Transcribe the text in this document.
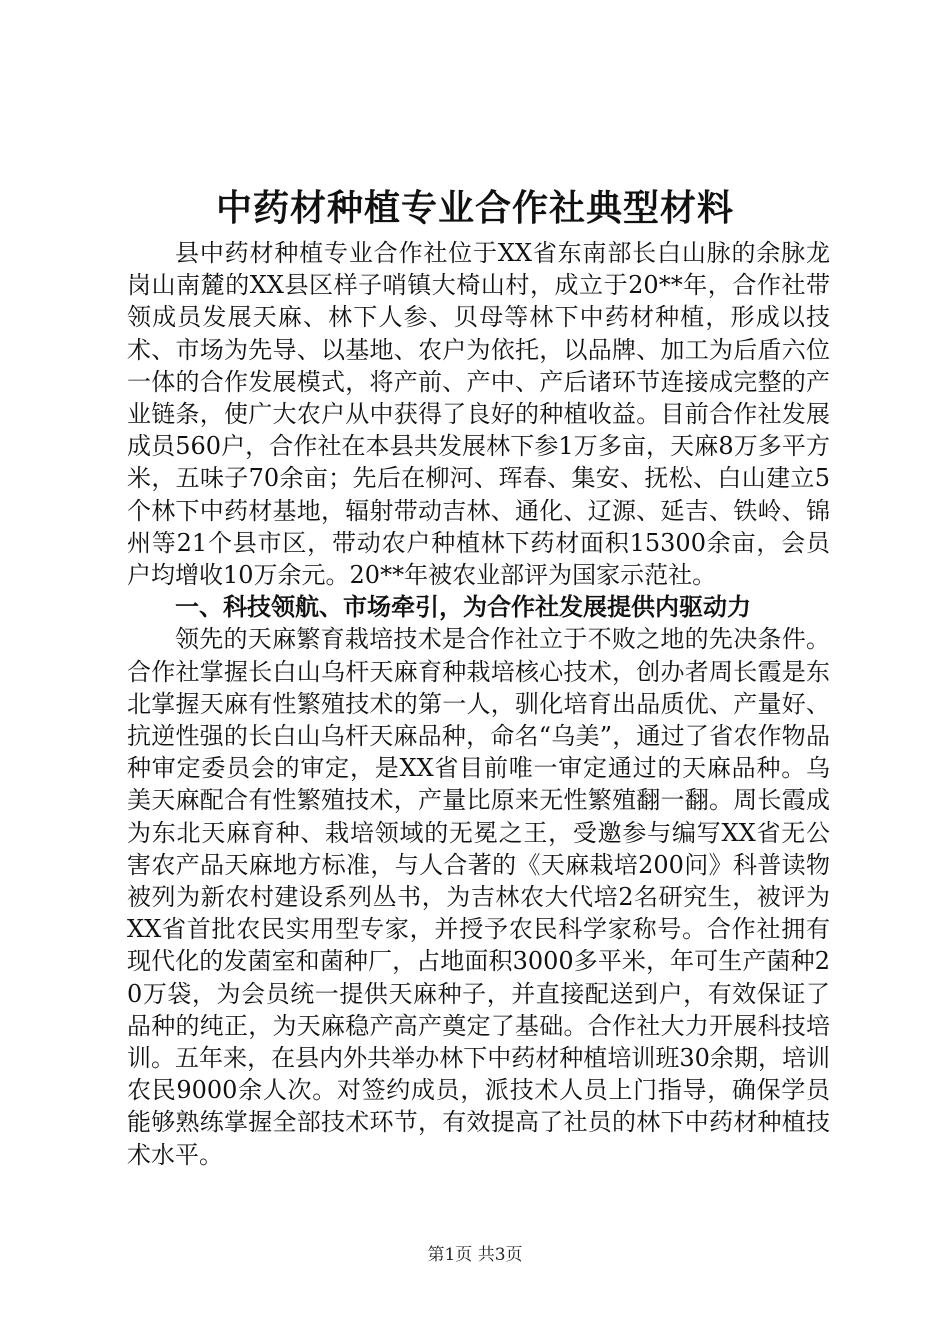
中药材种植专业合作社典型材料

县中药材种植专业合作社位于XX省东南部长白山脉的余脉龙岗山南麓的XX县区样子哨镇大椅山村，成立于20**年，合作社带领成员发展天麻、林下人参、贝母等林下中药材种植，形成以技术、市场为先导、以基地、农户为依托，以品牌、加工为后盾六位一体的合作发展模式，将产前、产中、产后诸环节连接成完整的产业链条，使广大农户从中获得了良好的种植收益。目前合作社发展成员560户，合作社在本县共发展林下参1万多亩，天麻8万多平方米，五味子70余亩；先后在柳河、珲春、集安、抚松、白山建立5个林下中药材基地，辐射带动吉林、通化、辽源、延吉、铁岭、锦州等21个县市区，带动农户种植林下药材面积15300余亩，会员户均增收10万余元。20**年被农业部评为国家示范社。

一、科技领航、市场牵引，为合作社发展提供内驱动力

领先的天麻繁育栽培技术是合作社立于不败之地的先决条件。合作社掌握长白山乌杆天麻育种栽培核心技术，创办者周长霞是东北掌握天麻有性繁殖技术的第一人，驯化培育出品质优、产量好、抗逆性强的长白山乌杆天麻品种，命名“乌美”，通过了省农作物品种审定委员会的审定，是XX省目前唯一审定通过的天麻品种。乌美天麻配合有性繁殖技术，产量比原来无性繁殖翻一翻。周长霞成为东北天麻育种、栽培领域的无冕之王，受邀参与编写XX省无公害农产品天麻地方标准，与人合著的《天麻栽培200问》科普读物被列为新农村建设系列丛书，为吉林农大代培2名研究生，被评为XX省首批农民实用型专家，并授予农民科学家称号。合作社拥有现代化的发菌室和菌种厂，占地面积3000多平米，年可生产菌种20万袋，为会员统一提供天麻种子，并直接配送到户，有效保证了品种的纯正，为天麻稳产高产奠定了基础。合作社大力开展科技培训。五年来，在县内外共举办林下中药材种植培训班30余期，培训农民9000余人次。对签约成员，派技术人员上门指导，确保学员能够熟练掌握全部技术环节，有效提高了社员的林下中药材种植技术水平。

第1页 共3页
